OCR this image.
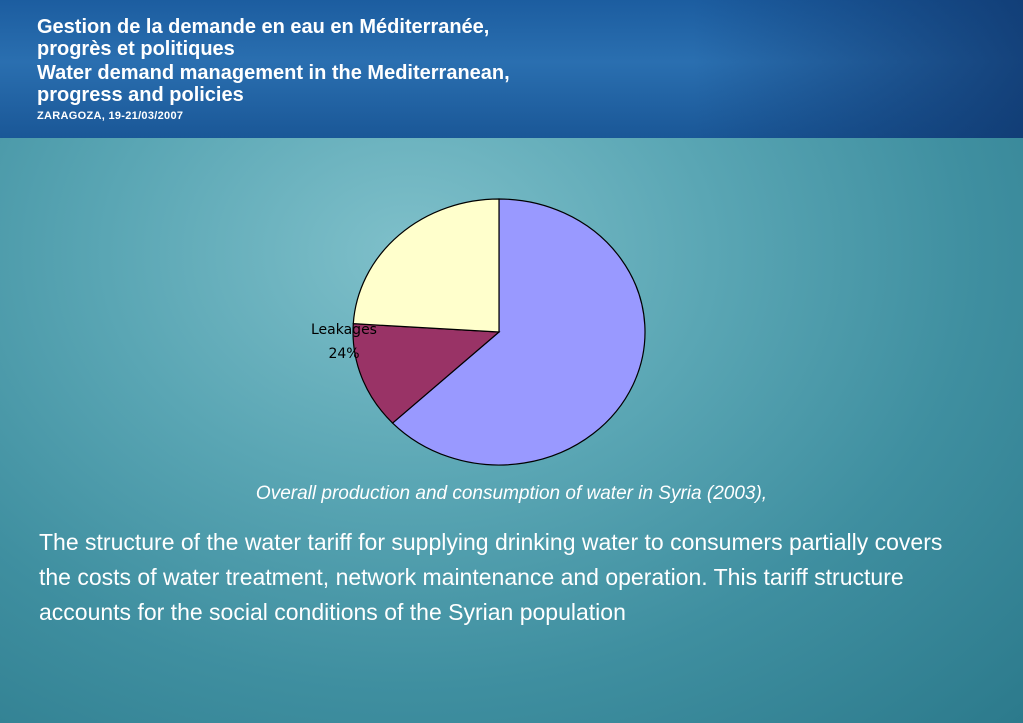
Gestion de la demande en eau en Méditerranée,
progrès et politiques

Water demand management in the Mediterranean,
progress and policies

ZARAGOZA, 19-21/03/2007
Leakages
24%
Overall production and consumption of water in Syria (2003),

The structure of the water tariff for supplying drinking water to consumers partially covers the costs of water treatment, network maintenance and operation. This tariff structure accounts for the social conditions of the Syrian population
